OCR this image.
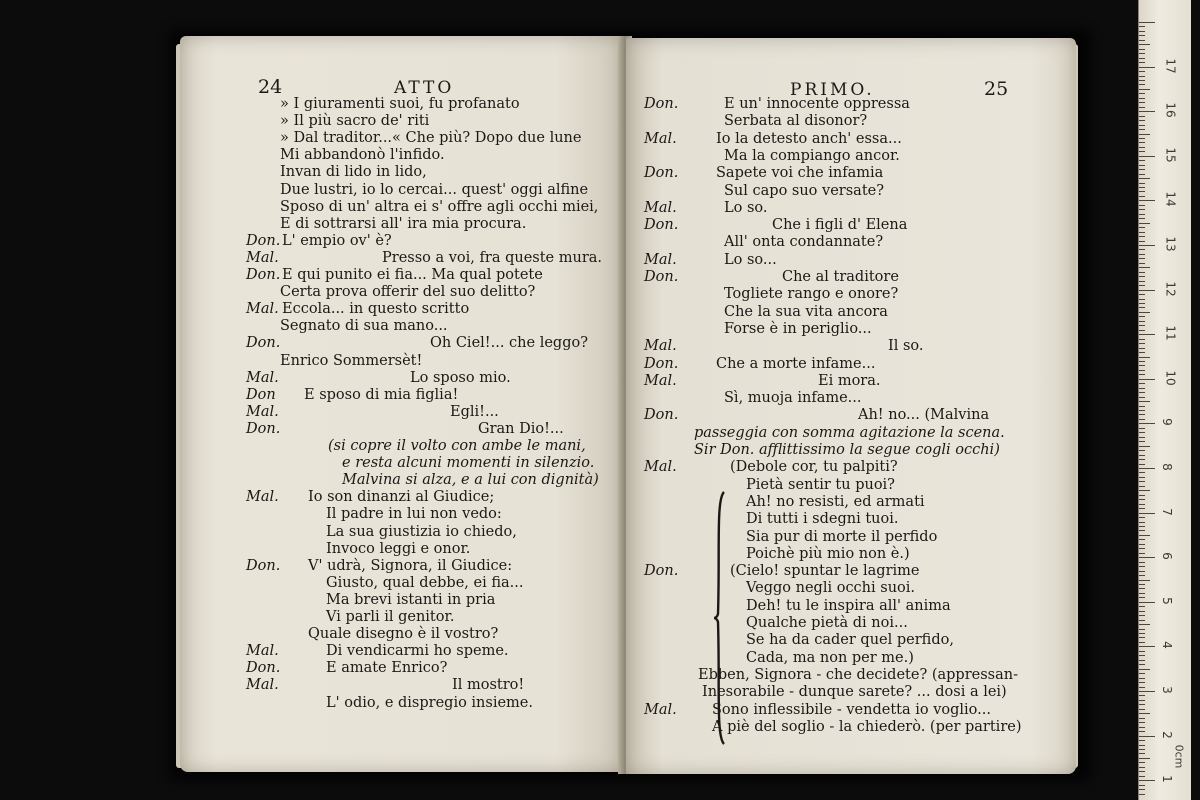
24	ATTO
» I giuramenti suoi, fu profanato
» Il più sacro de' riti
» Dal traditor...« Che più? Dopo due lune
Mi abbandonò l'infido.
Invan di lido in lido,
Due lustri, io lo cercai... quest' oggi alfine
Sposo di un' altra ei s' offre agli occhi miei,
E di sottrarsi all' ira mia procura.
Don. L' empio ov' è?
Mal.	Presso a voi, fra queste mura.
Don. E qui punito ei fia... Ma qual potete
Certa prova offerir del suo delitto?
Mal. Eccola... in questo scritto
Segnato di sua mano...
Don.	Oh Ciel!... che leggo?
Enrico Sommersèt!
Mal.	Lo sposo mio.
Don E sposo di mia figlia!
Mal.	Egli!...
Don.	Gran Dio!...
(si copre il volto con ambe le mani,
e resta alcuni momenti in silenzio.
Malvina si alza, e a lui con dignità)
Mal. Io son dinanzi al Giudice;
Il padre in lui non vedo:
La sua giustizia io chiedo,
Invoco leggi e onor.
Don. V' udrà, Signora, il Giudice:
Giusto, qual debbe, ei fia...
Ma brevi istanti in pria
Vi parli il genitor.
Quale disegno è il vostro?
Mal.	Di vendicarmi ho speme.
Don.	E amate Enrico?
Mal.	Il mostro!
L' odio, e dispregio insieme.
PRIMO.	25
Don.	E un' innocente oppressa
Serbata al disonor?
Mal.	Io la detesto anch' essa...
Ma la compiango ancor.
Don.	Sapete voi che infamia
Sul capo suo versate?
Mal.	Lo so.
Don.	Che i figli d' Elena
All' onta condannate?
Mal.	Lo so...
Don.	Che al traditore
Togliete rango e onore?
Che la sua vita ancora
Forse è in periglio...
Mal.	Il so.
Don.	Che a morte infame...
Mal.	Ei mora.
Sì, muoja infame...
Don.	Ah! no... (Malvina
passeggia con somma agitazione la scena.
Sir Don. afflittissimo la segue cogli occhi)
Mal.	(Debole cor, tu palpiti?
Pietà sentir tu puoi?
Ah! no resisti, ed armati
Di tutti i sdegni tuoi.
Sia pur di morte il perfido
Poichè più mio non è.)
Don.	(Cielo! spuntar le lagrime
Veggo negli occhi suoi.
Deh! tu le inspira all' anima
Qualche pietà di noi...
Se ha da cader quel perfido,
Cada, ma non per me.)
Ebben, Signora - che decidete? (appressan-
Inesorabile - dunque sarete? ... dosi a lei)
Mal. Sono inflessibile - vendetta io voglio...
A piè del soglio - la chiederò. (per partire)
17
16
15
14
13
12
11
10
9
8
7
6
5
4
3
2
1
0cm
